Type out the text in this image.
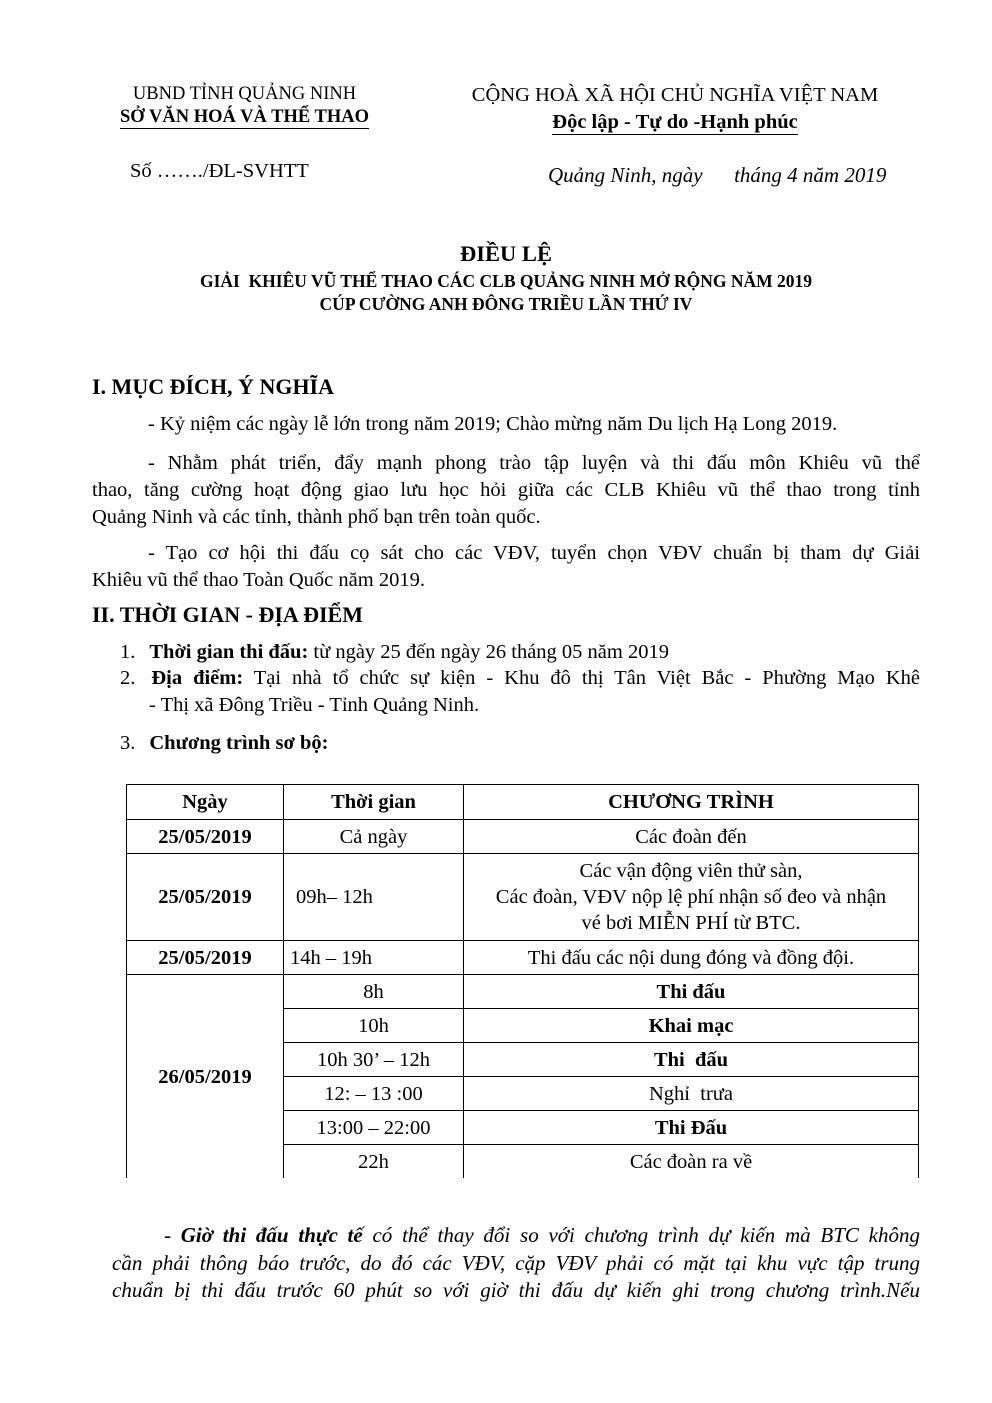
UBND TỈNH QUẢNG NINH
SỞ VĂN HOÁ VÀ THỂ THAO
Số ……./ĐL-SVHTT
CỘNG HOÀ XÃ HỘI CHỦ NGHĨA VIỆT NAM
Độc lập - Tự do -Hạnh phúc
Quảng Ninh, ngày      tháng 4 năm 2019
ĐIỀU LỆ
GIẢI  KHIÊU VŨ THỂ THAO CÁC CLB QUẢNG NINH MỞ RỘNG NĂM 2019
CÚP CƯỜNG ANH ĐÔNG TRIỀU LẦN THỨ IV
I. MỤC ĐÍCH, Ý NGHĨA
- Kỷ niệm các ngày lễ lớn trong năm 2019; Chào mừng năm Du lịch Hạ Long 2019.
- Nhằm phát triển, đẩy mạnh phong trào tập luyện và thi đấu môn Khiêu vũ thể
thao, tăng cường hoạt động giao lưu học hỏi giữa các CLB Khiêu vũ thể thao trong tỉnh
Quảng Ninh và các tỉnh, thành phố bạn trên toàn quốc.
- Tạo cơ hội thi đấu cọ sát cho các VĐV, tuyển chọn VĐV chuẩn bị tham dự Giải
Khiêu vũ thể thao Toàn Quốc năm 2019.
II. THỜI GIAN - ĐỊA ĐIỂM
1. Thời gian thi đấu: từ ngày 25 đến ngày 26 tháng 05 năm 2019
2. Địa điểm: Tại nhà tổ chức sự kiện - Khu đô thị Tân Việt Bắc - Phường Mạo Khê
- Thị xã Đông Triều - Tỉnh Quảng Ninh.
3. Chương trình sơ bộ:
Ngày	Thời gian	CHƯƠNG TRÌNH
25/05/2019	Cả ngày	Các đoàn đến
25/05/2019	09h– 12h	Các vận động viên thử sàn,
Các đoàn, VĐV nộp lệ phí nhận số đeo và nhận
vé bơi MIỄN PHÍ từ BTC.

25/05/2019	14h – 19h	Thi đấu các nội dung đóng và đồng đội.
26/05/2019	8h	Thi đấu
	10h	Khai mạc
	10h 30’ – 12h	Thi  đấu
	12: – 13 :00	Nghỉ  trưa
	13:00 – 22:00	Thi Đấu
	22h	Các đoàn ra về
- Giờ thi đấu thực tế có thể thay đổi so với chương trình dự kiến mà BTC không
cần phải thông báo trước, do đó các VĐV, cặp VĐV phải có mặt tại khu vực tập trung
chuẩn bị thi đấu trước 60 phút so với giờ thi đấu dự kiến ghi trong chương trình.Nếu
